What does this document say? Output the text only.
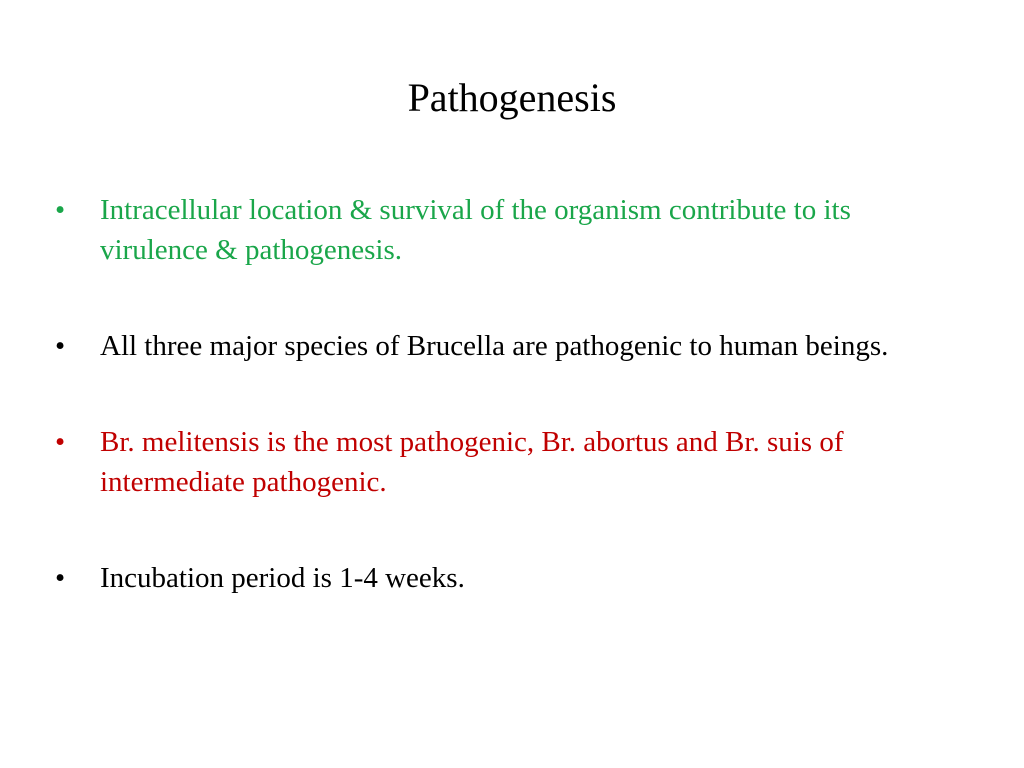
Pathogenesis
• Intracellular location & survival of the organism contribute to its virulence & pathogenesis.
• All three major species of Brucella are pathogenic to human beings.
• Br. melitensis is the most pathogenic, Br. abortus and Br. suis of intermediate pathogenic.
• Incubation period is 1-4 weeks.
